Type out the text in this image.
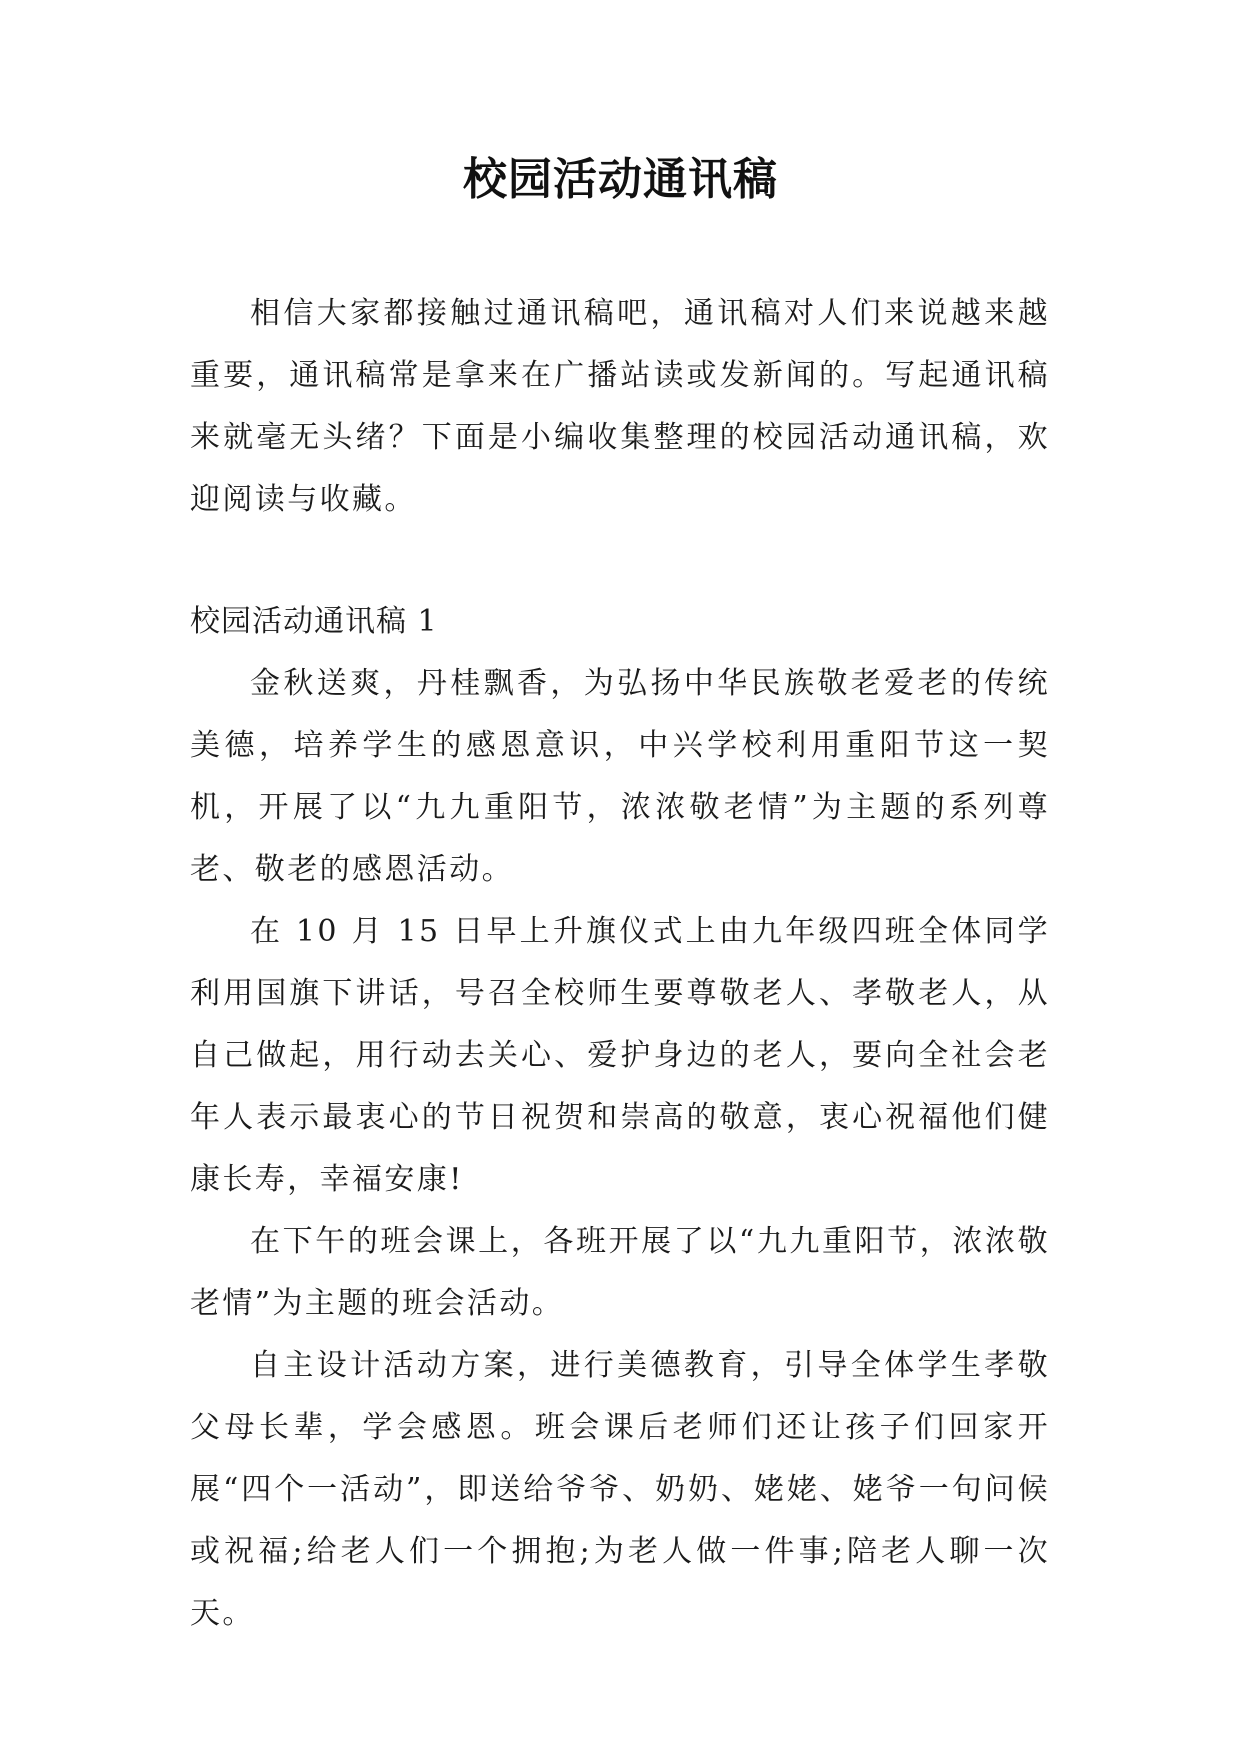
校园活动通讯稿

相信大家都接触过通讯稿吧，通讯稿对人们来说越来越重要，通讯稿常是拿来在广播站读或发新闻的。写起通讯稿来就毫无头绪？下面是小编收集整理的校园活动通讯稿，欢迎阅读与收藏。

校园活动通讯稿 1

金秋送爽，丹桂飘香，为弘扬中华民族敬老爱老的传统美德，培养学生的感恩意识，中兴学校利用重阳节这一契机，开展了以“九九重阳节，浓浓敬老情”为主题的系列尊老、敬老的感恩活动。

在 10 月 15 日早上升旗仪式上由九年级四班全体同学利用国旗下讲话，号召全校师生要尊敬老人、孝敬老人，从自己做起，用行动去关心、爱护身边的老人，要向全社会老年人表示最衷心的节日祝贺和崇高的敬意，衷心祝福他们健康长寿，幸福安康!

在下午的班会课上，各班开展了以“九九重阳节，浓浓敬老情”为主题的班会活动。

自主设计活动方案，进行美德教育，引导全体学生孝敬父母长辈，学会感恩。班会课后老师们还让孩子们回家开展“四个一活动”，即送给爷爷、奶奶、姥姥、姥爷一句问候或祝福;给老人们一个拥抱;为老人做一件事;陪老人聊一次天。
